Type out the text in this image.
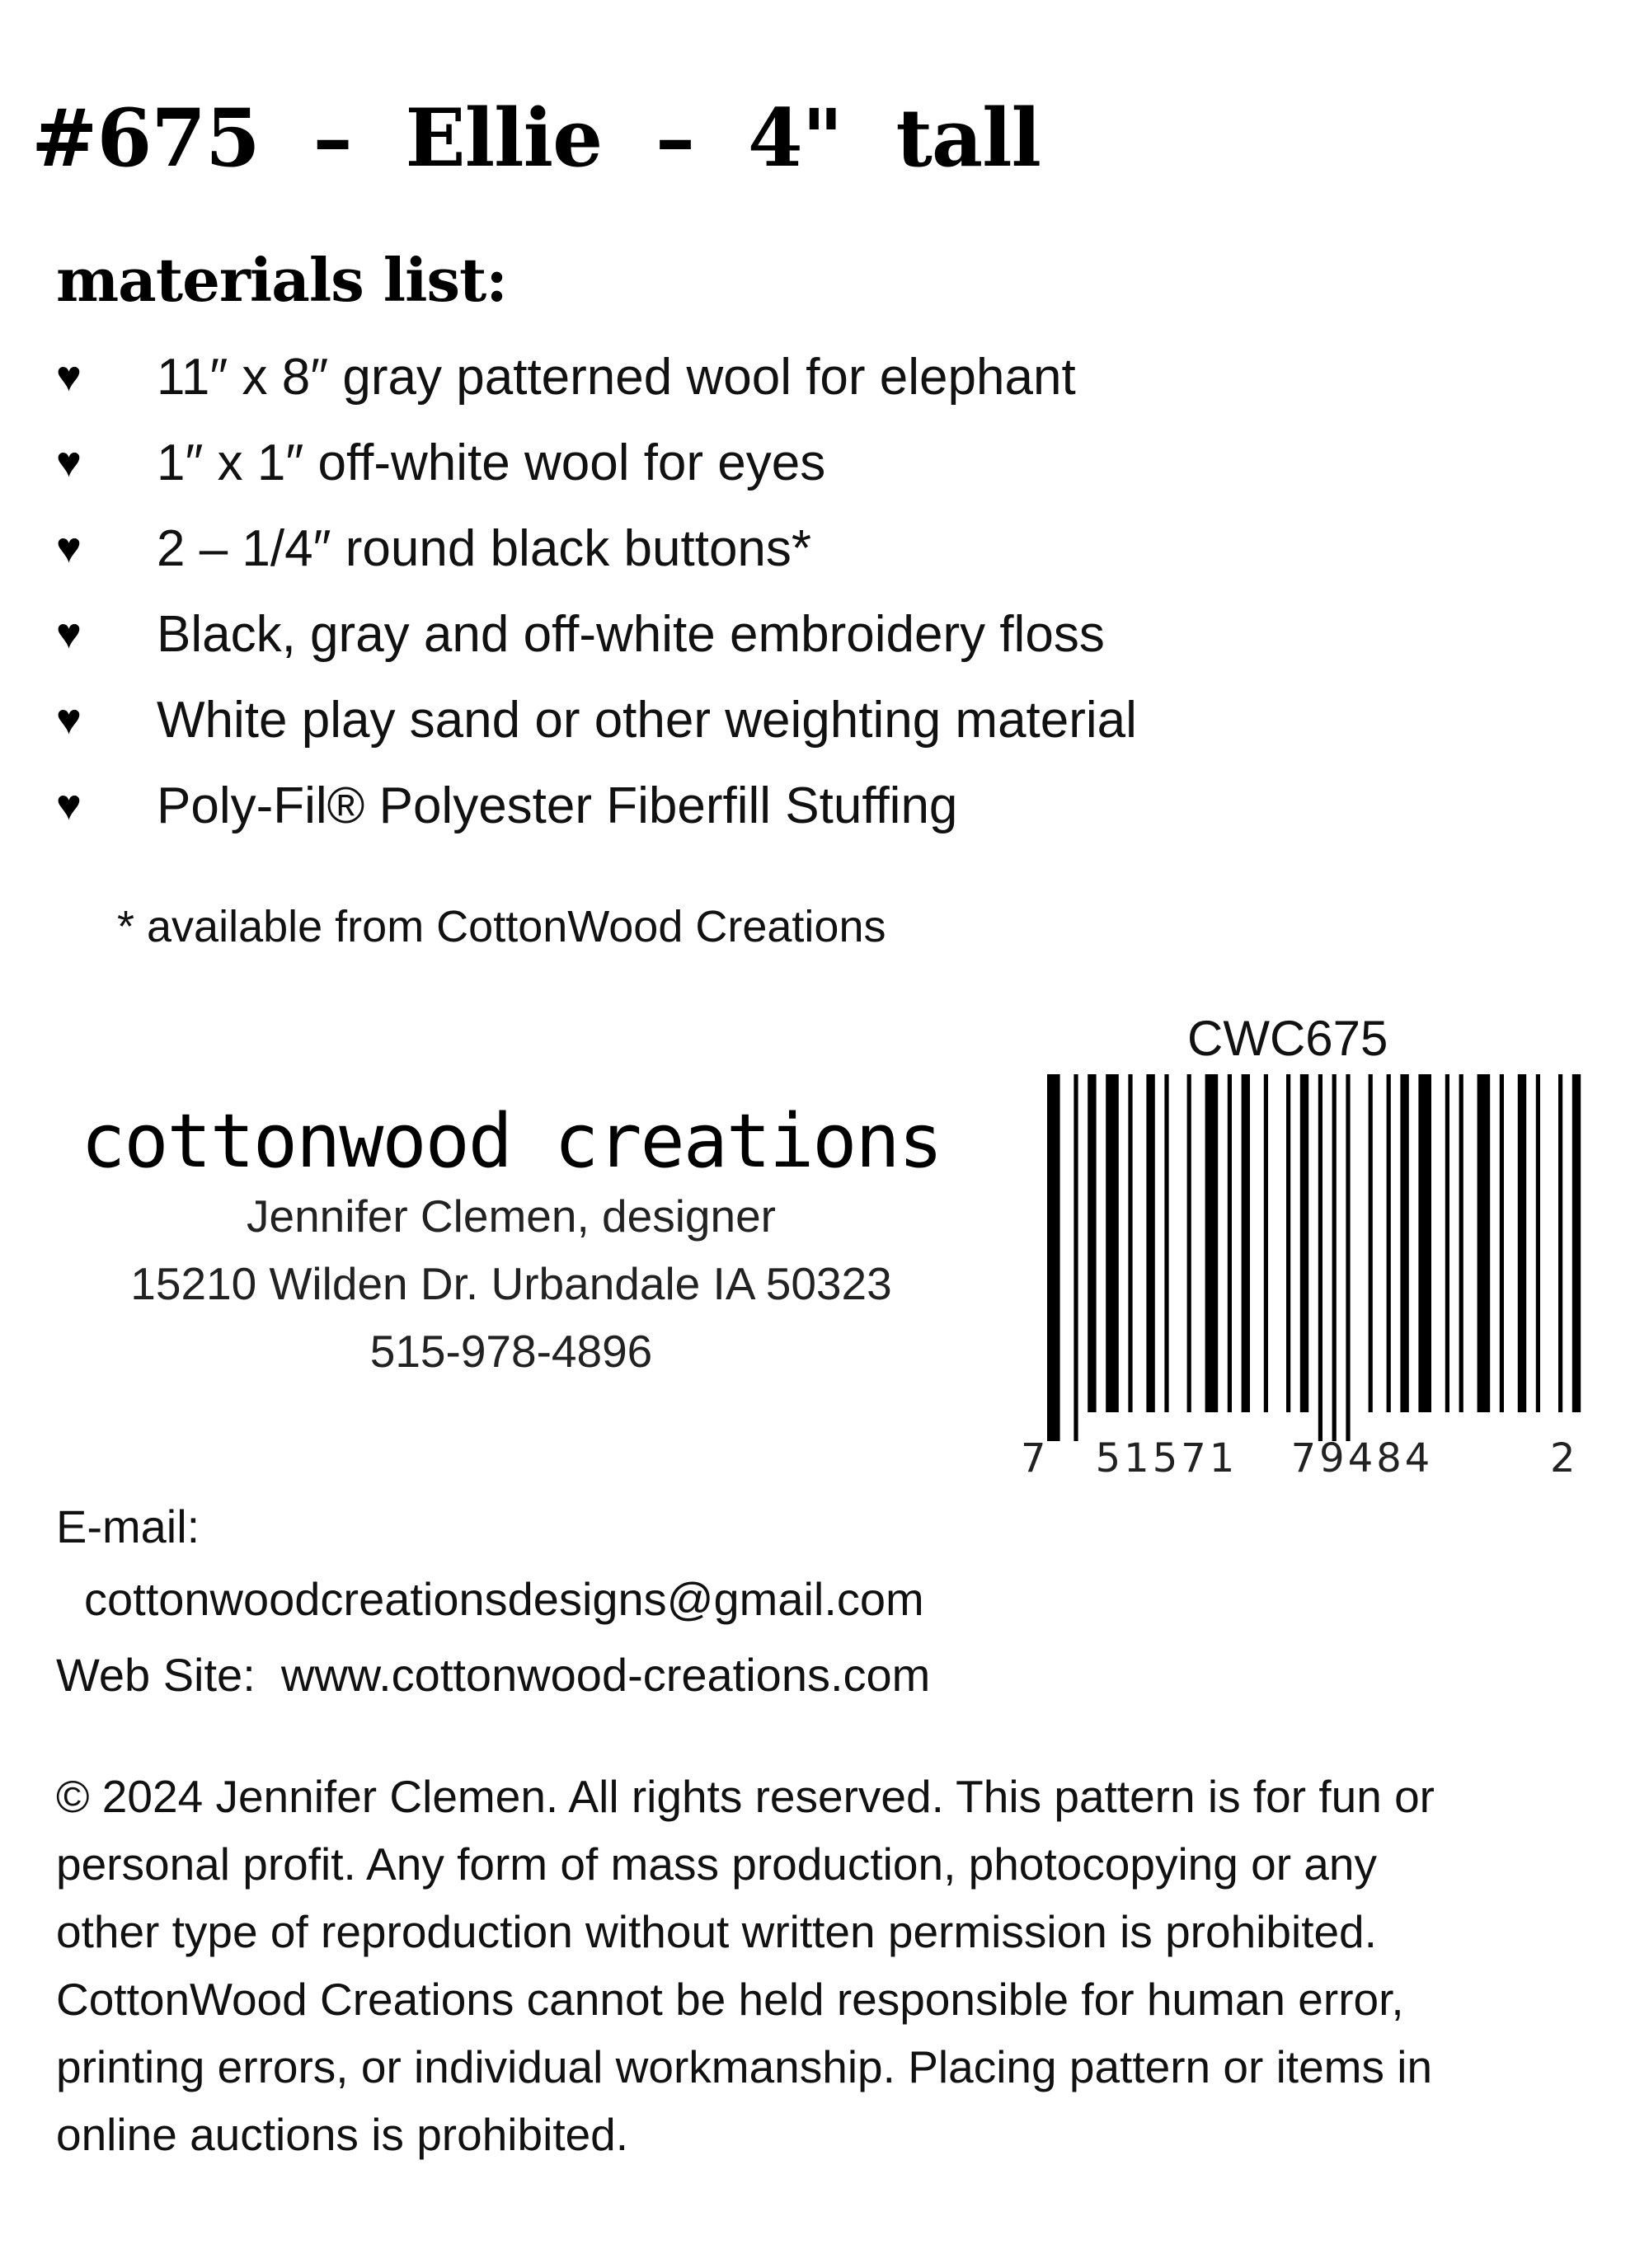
#675  –  Ellie  –  4"  tall
materials list:
♥	11″ x 8″ gray patterned wool for elephant
♥	1″ x 1″ off-white wool for eyes
♥	2 – 1/4″ round black buttons*
♥	Black, gray and off-white embroidery floss
♥	White play sand or other weighting material
♥	Poly-Fil® Polyester Fiberfill Stuffing
* available from CottonWood Creations
cottonwood creations
Jennifer Clemen, designer
15210 Wilden Dr. Urbandale IA 50323
515-978-4896
CWC675
7 51571 79484	2
E-mail:
cottonwoodcreationsdesigns@gmail.com
Web Site: www.cottonwood-creations.com

© 2024 Jennifer Clemen. All rights reserved. This pattern is for fun or

personal profit. Any form of mass production, photocopying or any

other type of reproduction without written permission is prohibited.

CottonWood Creations cannot be held responsible for human error,

printing errors, or individual workmanship. Placing pattern or items in

online auctions is prohibited.
